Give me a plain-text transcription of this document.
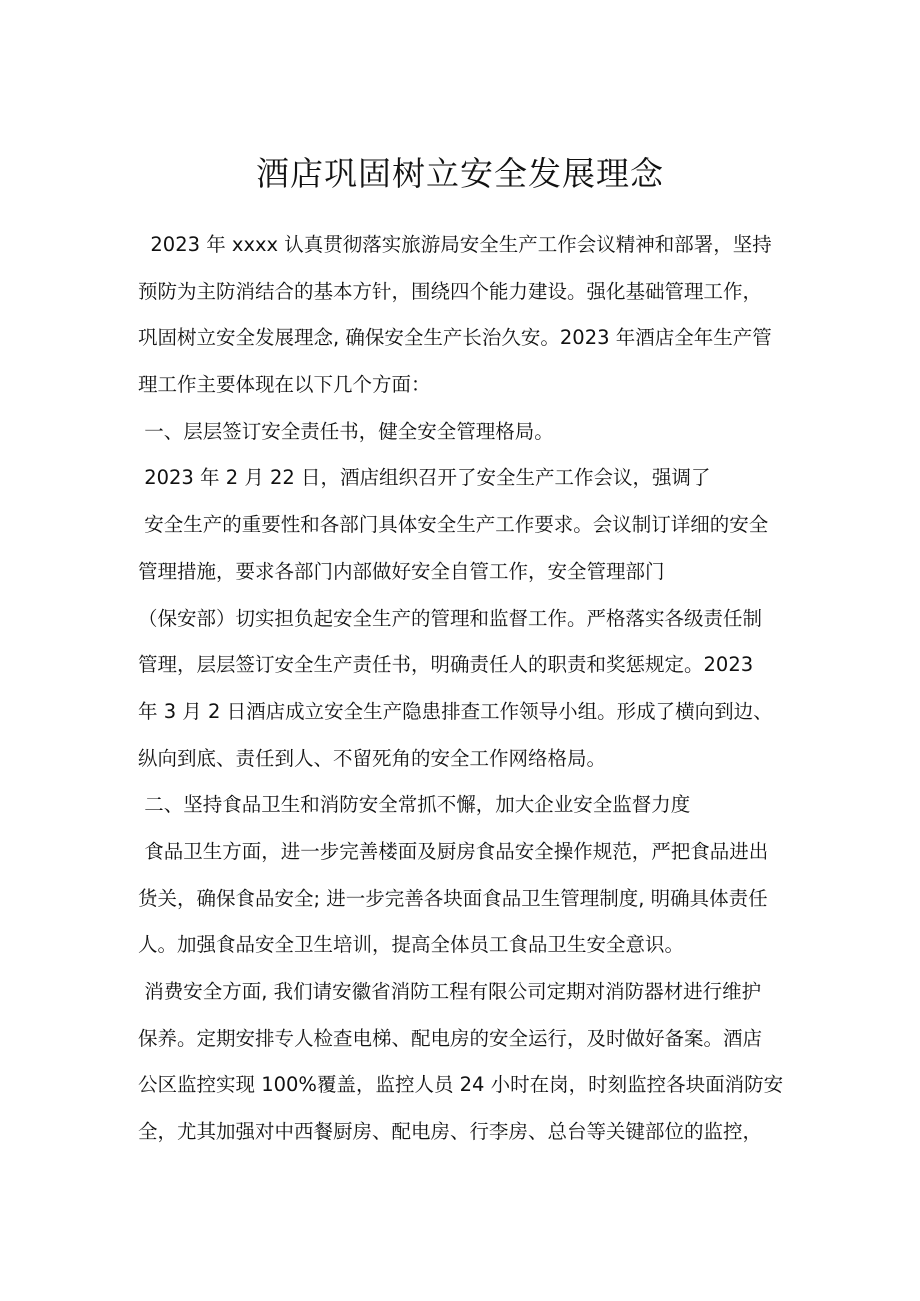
酒店巩固树立安全发展理念
2023 年 xxxx 认真贯彻落实旅游局安全生产工作会议精神和部署，坚持
预防为主防消结合的基本方针，围绕四个能力建设。强化基础管理工作，
巩固树立安全发展理念, 确保安全生产长治久安。2023 年酒店全年生产管
理工作主要体现在以下几个方面：
一、层层签订安全责任书，健全安全管理格局。
2023 年 2 月 22 日，酒店组织召开了安全生产工作会议，强调了
安全生产的重要性和各部门具体安全生产工作要求。会议制订详细的安全
管理措施，要求各部门内部做好安全自管工作，安全管理部门
（保安部）切实担负起安全生产的管理和监督工作。严格落实各级责任制
管理，层层签订安全生产责任书，明确责任人的职责和奖惩规定。2023
年 3 月 2 日酒店成立安全生产隐患排查工作领导小组。形成了横向到边、
纵向到底、责任到人、不留死角的安全工作网络格局。
二、坚持食品卫生和消防安全常抓不懈，加大企业安全监督力度
食品卫生方面，进一步完善楼面及厨房食品安全操作规范，严把食品进出
货关，确保食品安全; 进一步完善各块面食品卫生管理制度, 明确具体责任
人。加强食品安全卫生培训，提高全体员工食品卫生安全意识。
消费安全方面, 我们请安徽省消防工程有限公司定期对消防器材进行维护
保养。定期安排专人检查电梯、配电房的安全运行，及时做好备案。酒店
公区监控实现 100%覆盖，监控人员 24 小时在岗，时刻监控各块面消防安
全，尤其加强对中西餐厨房、配电房、行李房、总台等关键部位的监控，
